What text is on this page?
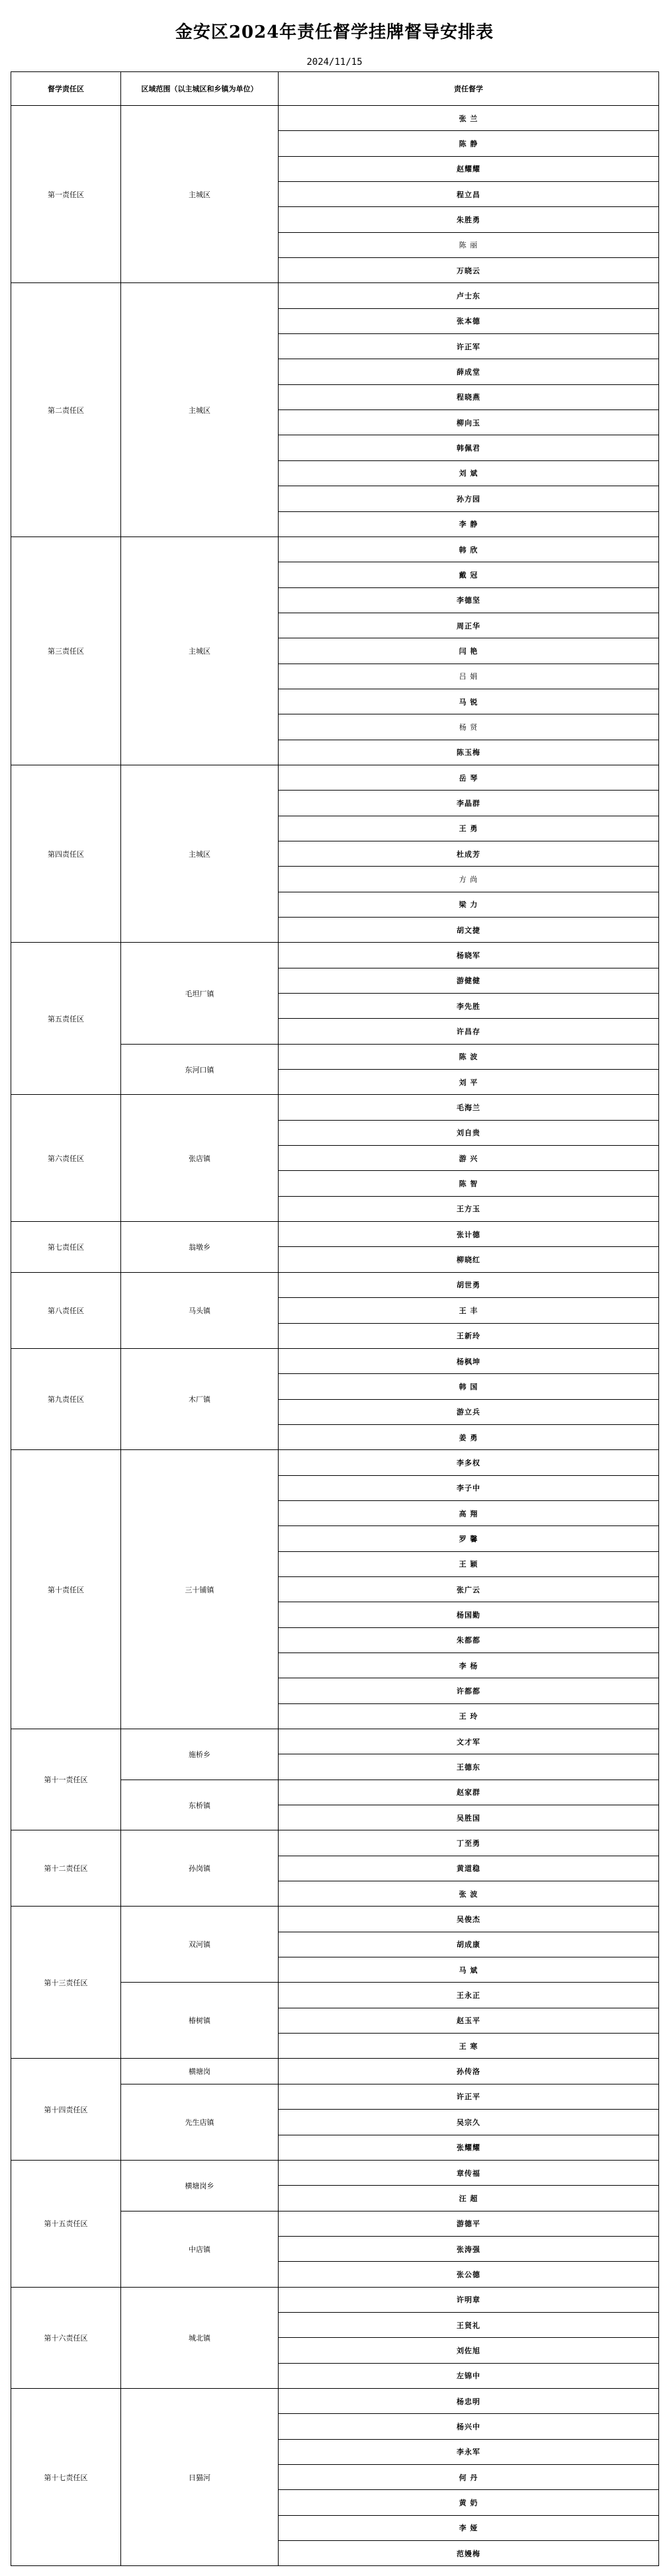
金安区2024年责任督学挂牌督导安排表
2024/11/15
督学责任区	区域范围（以主城区和乡镇为单位）	责任督学
第一责任区	主城区	张 兰
		陈 静
		赵耀耀
		程立昌
		朱胜勇
		陈 丽
		万晓云
第二责任区	主城区	卢士东
		张本德
		许正军
		薛成堂
		程晓燕
		柳向玉
		韩佩君
		刘 斌
		孙方园
		李 静
第三责任区	主城区	韩 欣
		戴 冠
		李德坚
		周正华
		闫 艳
		吕 娟
		马 锐
		杨 贤
		陈玉梅
第四责任区	主城区	岳 琴
		李晶群
		王 勇
		杜成芳
		方 尚
		梁 力
		胡文捷
第五责任区	毛坦厂镇	杨晓军
		游健健
		李先胜
		许昌存
	东河口镇	陈 波
		刘 平
第六责任区	张店镇	毛海兰
		刘自贵
		游 兴
		陈 智
		王方玉
第七责任区	翁墩乡	张计德
		柳晓红
第八责任区	马头镇	胡世勇
		王 丰
		王新玲
第九责任区	木厂镇	杨枫坤
		韩 国
		游立兵
		姜 勇
第十责任区	三十铺镇	李多权
		李子中
		高 翔
		罗 馨
		王 颖
		张广云
		杨国勤
		朱都都
		李 杨
		许都都
		王 玲
第十一责任区	施桥乡	文才军
		王德东
	东桥镇	赵家群
		吴胜国
第十二责任区	孙岗镇	丁至勇
		黄道稳
		张 波
第十三责任区	双河镇	吴俊杰
		胡成康
		马 斌
	椿树镇	王永正
		赵玉平
		王 寒
第十四责任区	横塘岗	孙传洛
	先生店镇	许正平
		吴宗久
		张耀耀
第十五责任区	横塘岗乡	章传福
		汪 超
	中店镇	游德平
		张涛强
		张公德
第十六责任区	城北镇	许明章
		王贤礼
		刘佐旭
		左锦中
第十七责任区	日猫河	杨忠明
		杨兴中
		李永军
		何 丹
		黄 奶
		李 娅
		范嫚梅
